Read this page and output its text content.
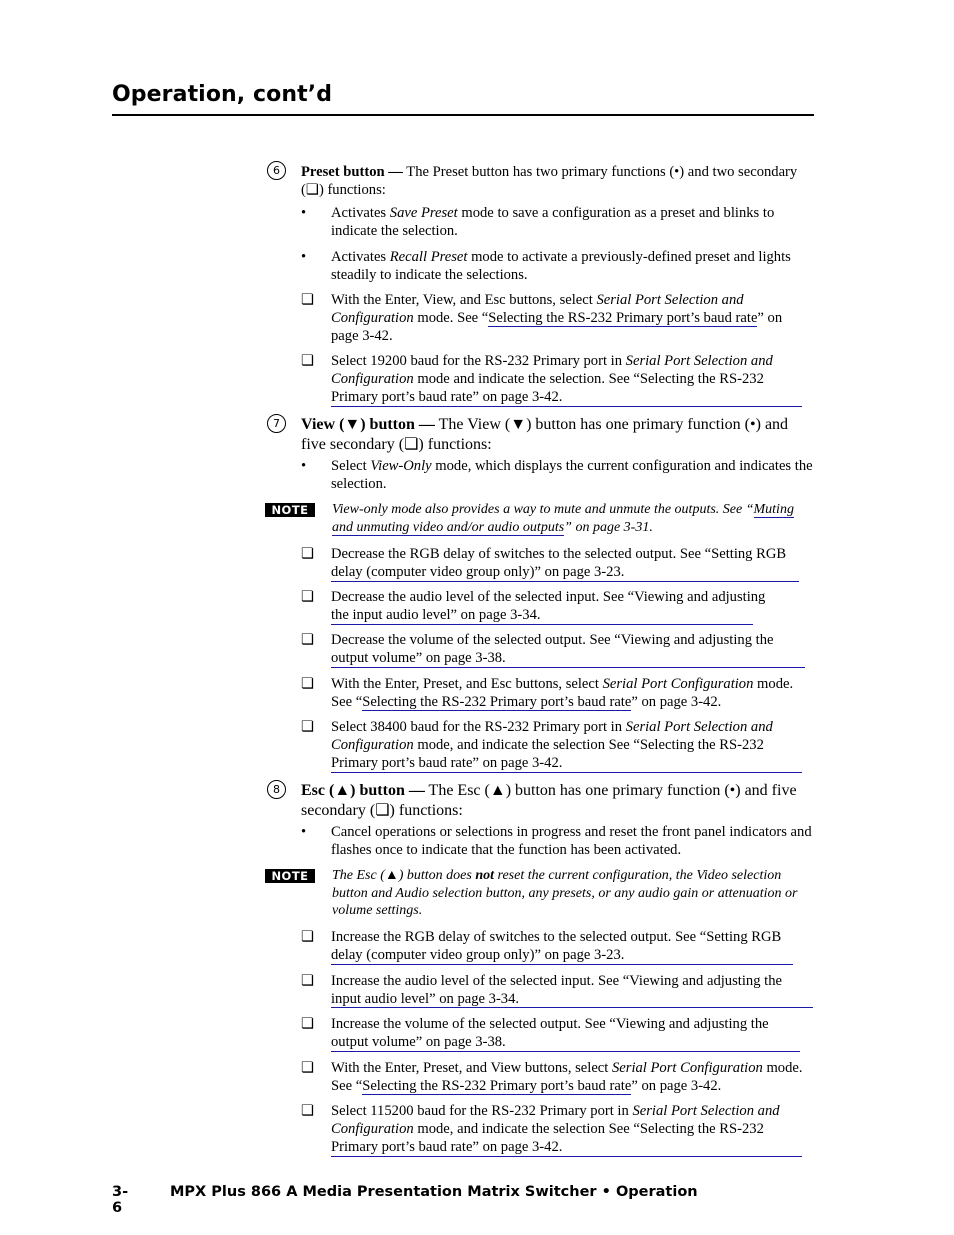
Operation, cont’d
6	Preset button — The Preset button has two primary functions (•) and two secondary (❏) functions:
•	Activates Save Preset mode to save a configuration as a preset and blinks to indicate the selection.
•	Activates Recall Preset mode to activate a previously-defined preset and lights steadily to indicate the selections.
❏	With the Enter, View, and Esc buttons, select Serial Port Selection and Configuration mode. See “Selecting the RS-232 Primary port’s baud rate” on page 3-42.
❏	Select 19200 baud for the RS-232 Primary port in Serial Port Selection and Configuration mode and indicate the selection. See “Selecting the RS-232 Primary port’s baud rate” on page 3-42.
7	View (▼) button — The View (▼) button has one primary function (•) and five secondary (❏) functions:
•	Select View-Only mode, which displays the current configuration and indicates the selection.
NOTE	View-only mode also provides a way to mute and unmute the outputs. See “Muting and unmuting video and/or audio outputs” on page 3-31.
❏	Decrease the RGB delay of switches to the selected output. See “Setting RGB delay (computer video group only)” on page 3-23.
❏	Decrease the audio level of the selected input. See “Viewing and adjusting the input audio level” on page 3-34.
❏	Decrease the volume of the selected output. See “Viewing and adjusting the output volume” on page 3-38.
❏	With the Enter, Preset, and Esc buttons, select Serial Port Configuration mode. See “Selecting the RS-232 Primary port’s baud rate” on page 3-42.
❏	Select 38400 baud for the RS-232 Primary port in Serial Port Selection and Configuration mode, and indicate the selection See “Selecting the RS-232 Primary port’s baud rate” on page 3-42.
8	Esc (▲) button — The Esc (▲) button has one primary function (•) and five secondary (❏) functions:
•	Cancel operations or selections in progress and reset the front panel indicators and flashes once to indicate that the function has been activated.
NOTE	The Esc (▲) button does not reset the current configuration, the Video selection button and Audio selection button, any presets, or any audio gain or attenuation or volume settings.
❏	Increase the RGB delay of switches to the selected output. See “Setting RGB delay (computer video group only)” on page 3-23.
❏	Increase the audio level of the selected input. See “Viewing and adjusting the input audio level” on page 3-34.
❏	Increase the volume of the selected output. See “Viewing and adjusting the output volume” on page 3-38.
❏	With the Enter, Preset, and View buttons, select Serial Port Configuration mode. See “Selecting the RS-232 Primary port’s baud rate” on page 3-42.
❏	Select 115200 baud for the RS-232 Primary port in Serial Port Selection and Configuration mode, and indicate the selection See “Selecting the RS-232 Primary port’s baud rate” on page 3-42.
3-6
MPX Plus 866 A Media Presentation Matrix Switcher • Operation
